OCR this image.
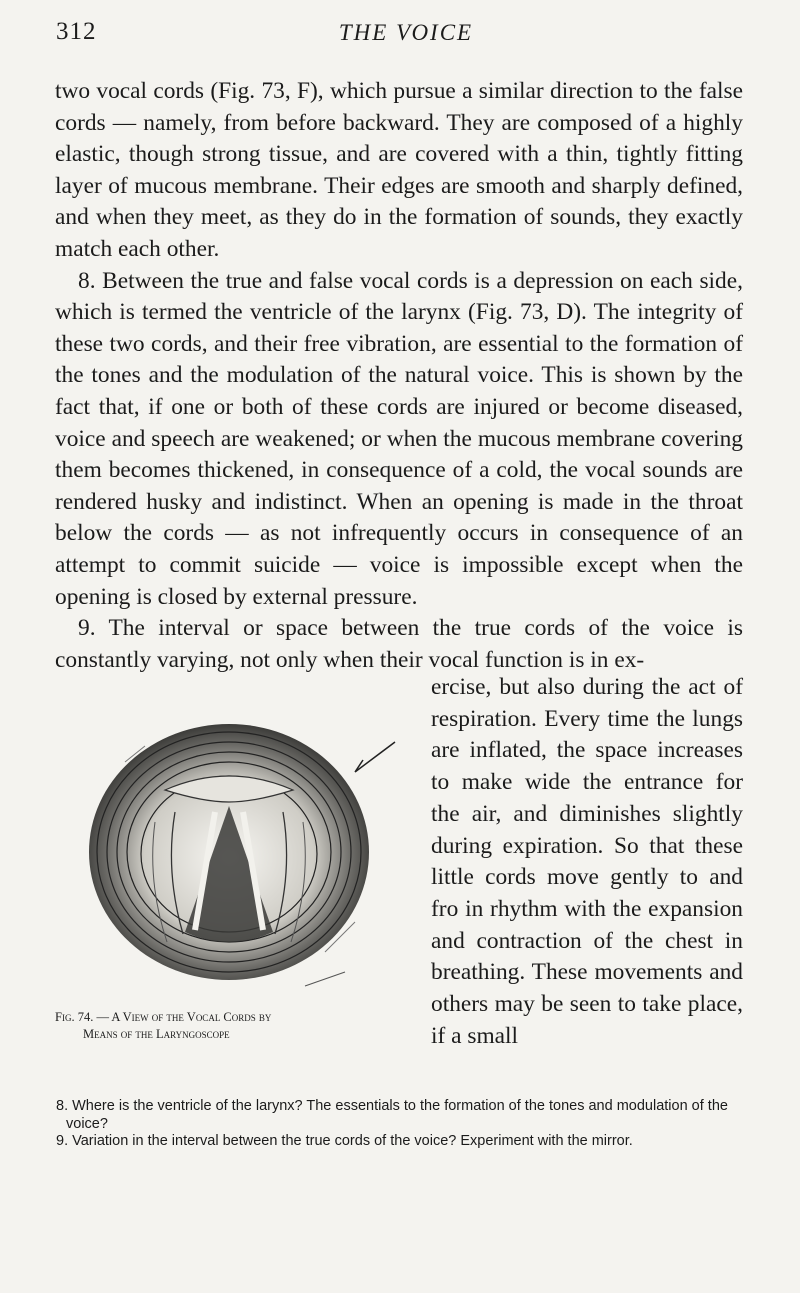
312	THE VOICE

two vocal cords (Fig. 73, F), which pursue a similar direction to the false cords — namely, from before backward. They are composed of a highly elastic, though strong tissue, and are covered with a thin, tightly fitting layer of mucous membrane. Their edges are smooth and sharply defined, and when they meet, as they do in the formation of sounds, they exactly match each other.

8. Between the true and false vocal cords is a depression on each side, which is termed the ventricle of the larynx (Fig. 73, D). The integrity of these two cords, and their free vibration, are essential to the formation of the tones and the modulation of the natural voice. This is shown by the fact that, if one or both of these cords are injured or become diseased, voice and speech are weakened; or when the mucous membrane covering them becomes thickened, in consequence of a cold, the vocal sounds are rendered husky and indistinct. When an opening is made in the throat below the cords — as not infrequently occurs in consequence of an attempt to commit suicide — voice is impossible except when the opening is closed by external pressure.

9. The interval or space between the true cords of the voice is constantly varying, not only when their vocal function is in ex-

Fig. 74. — A View of the Vocal Cords by
Means of the Laryngoscope
ercise, but also during the act of respiration. Every time the lungs are inflated, the space increases to make wide the entrance for the air, and diminishes slightly during expiration. So that these little cords move gently to and fro in rhythm with the expansion and contraction of the chest in breathing. These movements and others may be seen to take place, if a small

8. Where is the ventricle of the larynx? The essentials to the formation of the tones and modulation of the voice?

9. Variation in the interval between the true cords of the voice? Experiment with the mirror.
